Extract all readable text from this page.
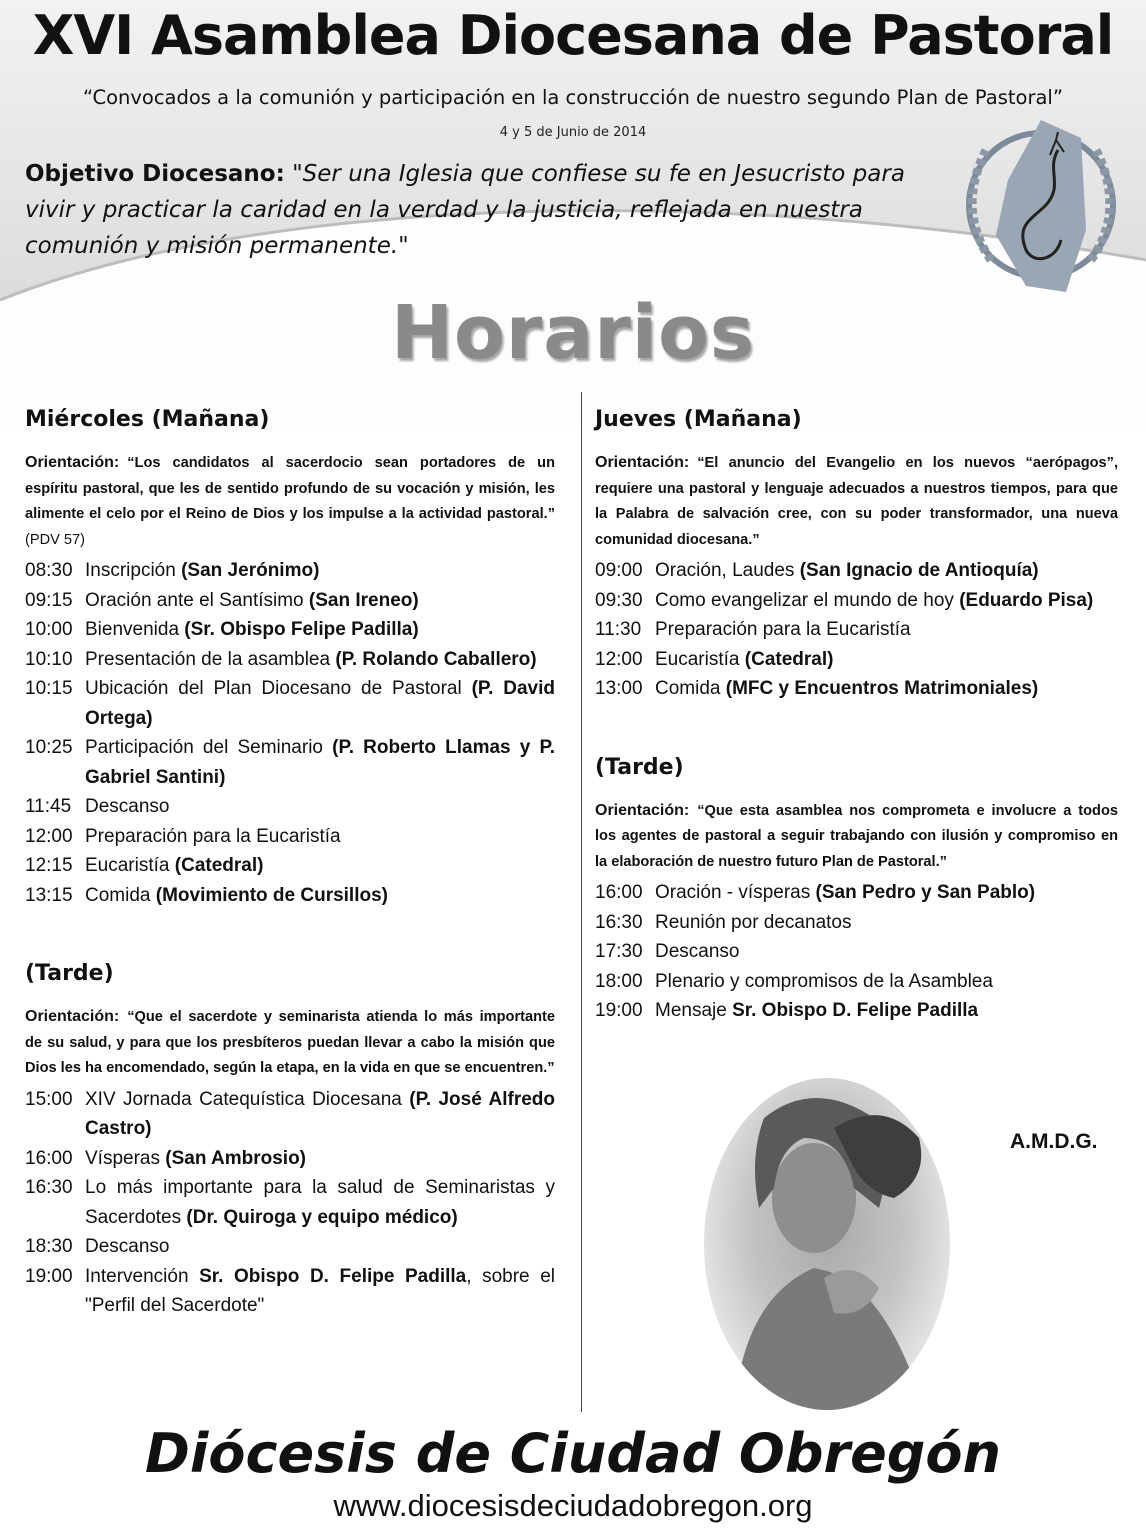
XVI Asamblea Diocesana de Pastoral
“Convocados a la comunión y participación en la construcción de nuestro segundo Plan de Pastoral”
4 y 5 de Junio de 2014
Objetivo Diocesano: "Ser una Iglesia que confiese su fe en Jesucristo para vivir y practicar la caridad en la verdad y la justicia, reflejada en nuestra comunión y misión permanente."
Horarios
Miércoles (Mañana)
Orientación: “Los candidatos al sacerdocio sean portadores de un espíritu pastoral, que les de sentido profundo de su vocación y misión, les alimente el celo por el Reino de Dios y los impulse a la actividad pastoral.” (PDV 57)
08:30 Inscripción (San Jerónimo)
09:15 Oración ante el Santísimo (San Ireneo)
10:00 Bienvenida (Sr. Obispo Felipe Padilla)
10:10 Presentación de la asamblea (P. Rolando Caballero)
10:15 Ubicación del Plan Diocesano de Pastoral (P. David Ortega)
10:25 Participación del Seminario (P. Roberto Llamas y P. Gabriel Santini)
11:45 Descanso
12:00 Preparación para la Eucaristía
12:15 Eucaristía (Catedral)
13:15 Comida (Movimiento de Cursillos)
(Tarde)
Orientación: “Que el sacerdote y seminarista atienda lo más importante de su salud, y para que los presbíteros puedan llevar a cabo la misión que Dios les ha encomendado, según la etapa, en la vida en que se encuentren.”
15:00 XIV Jornada Catequística Diocesana (P. José Alfredo Castro)
16:00 Vísperas (San Ambrosio)
16:30 Lo más importante para la salud de Seminaristas y Sacerdotes (Dr. Quiroga y equipo médico)
18:30 Descanso
19:00 Intervención Sr. Obispo D. Felipe Padilla, sobre el "Perfil del Sacerdote"
Jueves (Mañana)
Orientación: “El anuncio del Evangelio en los nuevos “aerópagos”, requiere una pastoral y lenguaje adecuados a nuestros tiempos, para que la Palabra de salvación cree, con su poder transformador, una nueva comunidad diocesana.”
09:00 Oración, Laudes (San Ignacio de Antioquía)
09:30 Como evangelizar el mundo de hoy (Eduardo Pisa)
11:30 Preparación para la Eucaristía
12:00 Eucaristía (Catedral)
13:00 Comida (MFC y Encuentros Matrimoniales)
(Tarde)
Orientación: “Que esta asamblea nos comprometa e involucre a todos los agentes de pastoral a seguir trabajando con ilusión y compromiso en la elaboración de nuestro futuro Plan de Pastoral.”
16:00 Oración - vísperas (San Pedro y San Pablo)
16:30 Reunión por decanatos
17:30 Descanso
18:00 Plenario y compromisos de la Asamblea
19:00 Mensaje Sr. Obispo D. Felipe Padilla
A.M.D.G.
Diócesis de Ciudad Obregón
www.diocesisdeciudadobregon.org
